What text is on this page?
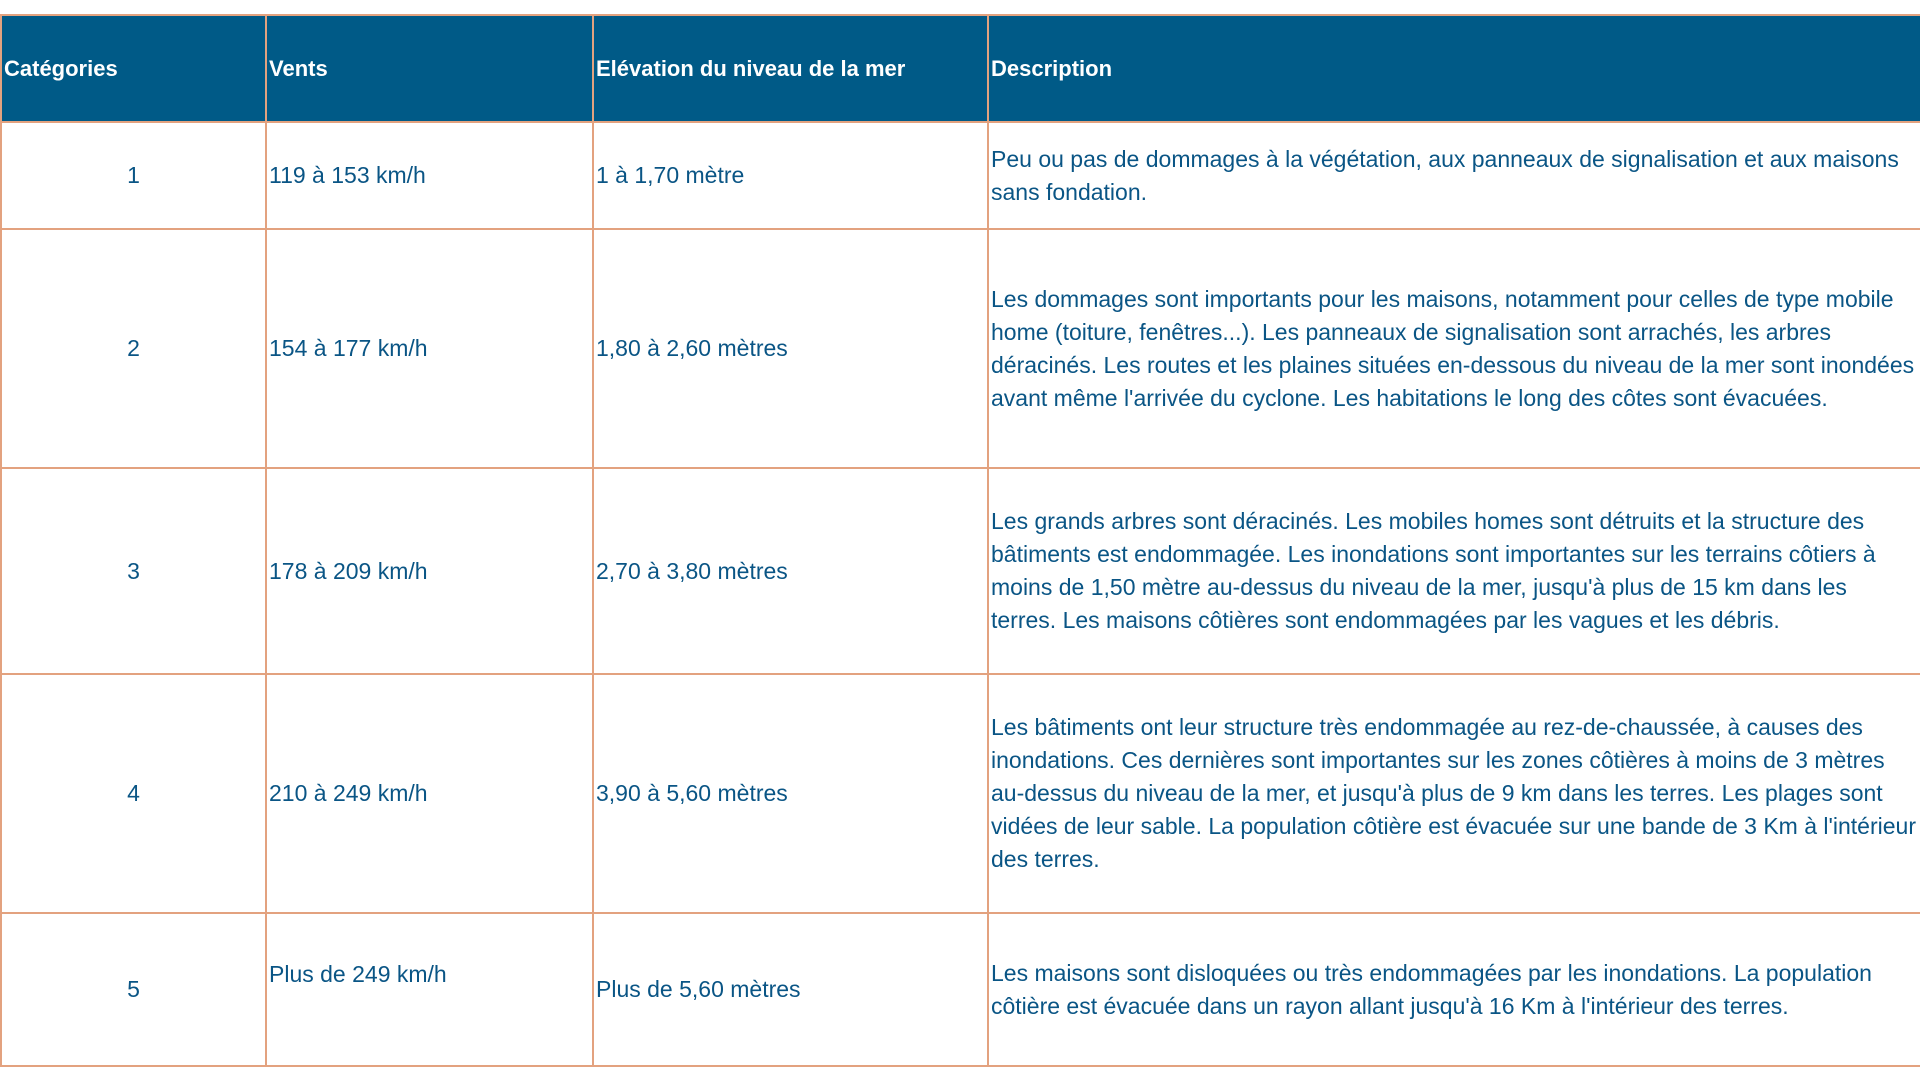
Catégories	Vents	Elévation du niveau de la mer	Description
1	119 à 153 km/h	1 à 1,70 mètre	Peu ou pas de dommages à la végétation, aux panneaux de signalisation et aux maisons sans fondation.
2	154 à 177 km/h	1,80 à 2,60 mètres	Les dommages sont importants pour les maisons, notamment pour celles de type mobile home (toiture, fenêtres...). Les panneaux de signalisation sont arrachés, les arbres déracinés. Les routes et les plaines situées en-dessous du niveau de la mer sont inondées avant même l'arrivée du cyclone. Les habitations le long des côtes sont évacuées.
3	178 à 209 km/h	2,70 à 3,80 mètres	Les grands arbres sont déracinés. Les mobiles homes sont détruits et la structure des bâtiments est endommagée. Les inondations sont importantes sur les terrains côtiers à moins de 1,50 mètre au-dessus du niveau de la mer, jusqu'à plus de 15 km dans les terres. Les maisons côtières sont endommagées par les vagues et les débris.
4	210 à 249 km/h	3,90 à 5,60 mètres	Les bâtiments ont leur structure très endommagée au rez-de-chaussée, à causes des inondations. Ces dernières sont importantes sur les zones côtières à moins de 3 mètres au-dessus du niveau de la mer, et jusqu'à plus de 9 km dans les terres. Les plages sont vidées de leur sable. La population côtière est évacuée sur une bande de 3 Km à l'intérieur des terres.
5	Plus de 249 km/h	Plus de 5,60 mètres	Les maisons sont disloquées ou très endommagées par les inondations. La population côtière est évacuée dans un rayon allant jusqu'à 16 Km à l'intérieur des terres.
